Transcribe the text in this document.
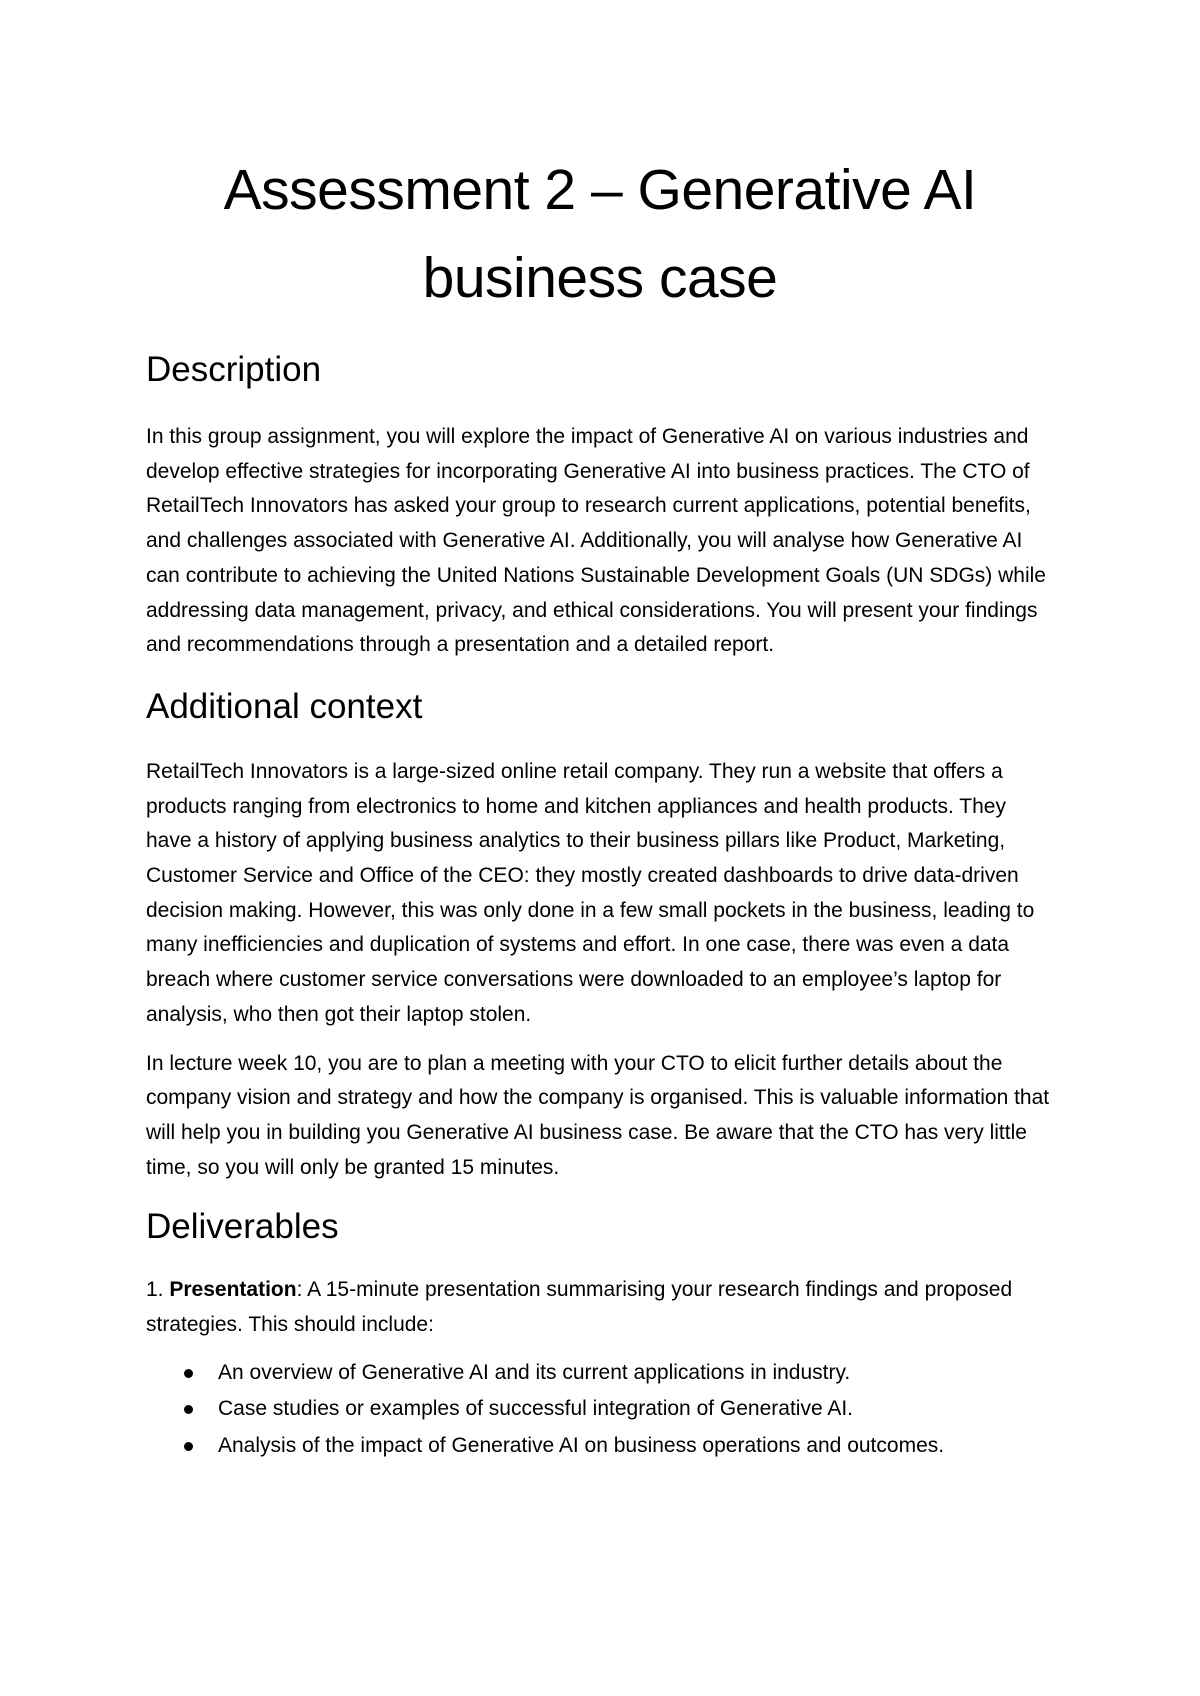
Assessment 2 – Generative AI
business case
Description

In this group assignment, you will explore the impact of Generative AI on various industries and develop effective strategies for incorporating Generative AI into business practices. The CTO of RetailTech Innovators has asked your group to research current applications, potential benefits, and challenges associated with Generative AI. Additionally, you will analyse how Generative AI can contribute to achieving the United Nations Sustainable Development Goals (UN SDGs) while addressing data management, privacy, and ethical considerations. You will present your findings and recommendations through a presentation and a detailed report.

Additional context

RetailTech Innovators is a large-sized online retail company. They run a website that offers a products ranging from electronics to home and kitchen appliances and health products. They have a history of applying business analytics to their business pillars like Product, Marketing, Customer Service and Office of the CEO: they mostly created dashboards to drive data-driven decision making. However, this was only done in a few small pockets in the business, leading to many inefficiencies and duplication of systems and effort. In one case, there was even a data breach where customer service conversations were downloaded to an employee’s laptop for analysis, who then got their laptop stolen.

In lecture week 10, you are to plan a meeting with your CTO to elicit further details about the company vision and strategy and how the company is organised. This is valuable information that will help you in building you Generative AI business case. Be aware that the CTO has very little time, so you will only be granted 15 minutes.

Deliverables

1. Presentation: A 15-minute presentation summarising your research findings and proposed strategies. This should include:

An overview of Generative AI and its current applications in industry.
Case studies or examples of successful integration of Generative AI.
Analysis of the impact of Generative AI on business operations and outcomes.
